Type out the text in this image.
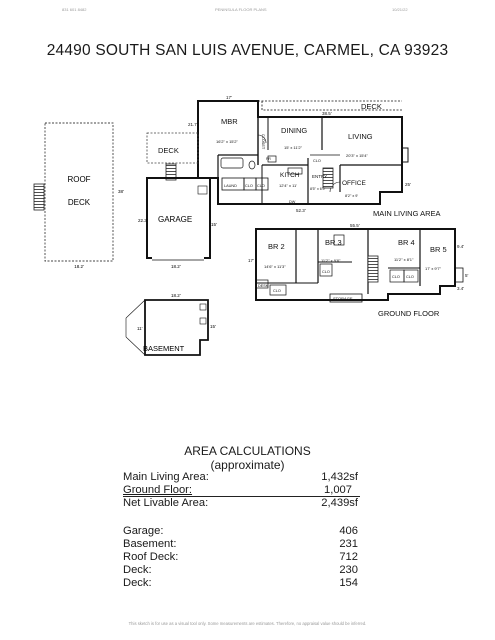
831 601 8482	PENINSULA FLOOR PLANS	10/21/22
24490 SOUTH SAN LUIS AVENUE, CARMEL, CA 93923
ROOF
DECK
18.2'
38'
MBR
16'2" x 15'2"
DINING
15' x 11'2"
LIVING
20'3" x 15'4"
KITCH
12'4" x 11'
ENTRY
8'5" x 6'5"
OFFICE
8'2" x 9'
DECK
DECK
LAUND CLO CLO
CLO
DW
FR
17'
38.5'
52.3'
25'
21.7'
MAIN LIVING AREA
CLOSET
GARAGE
18.2'
22.3'
15'
BR 2
14'6" x 11'3"
BR 3
11'2" x 9'8"
BR 4
11'2" x 8'1"
BR 5
17' x 9'7"
DESK
CLO
CLO
CLO CLO
STORAGE
55.5'
17'
9.4'
3.4'
5'
GROUND FLOOR
BASEMENT
18.2'
11'	15'
AREA CALCULATIONS
(approximate)
Main Living Area:	1,432sf
Ground Floor:	1,007
Net Livable Area:	2,439sf
Garage:	406
Basement:	231
Roof Deck:	712
Deck:	230
Deck:	154
This sketch is for use as a visual tool only. Some measurements are estimates. Therefore, no appraisal value should be inferred.
